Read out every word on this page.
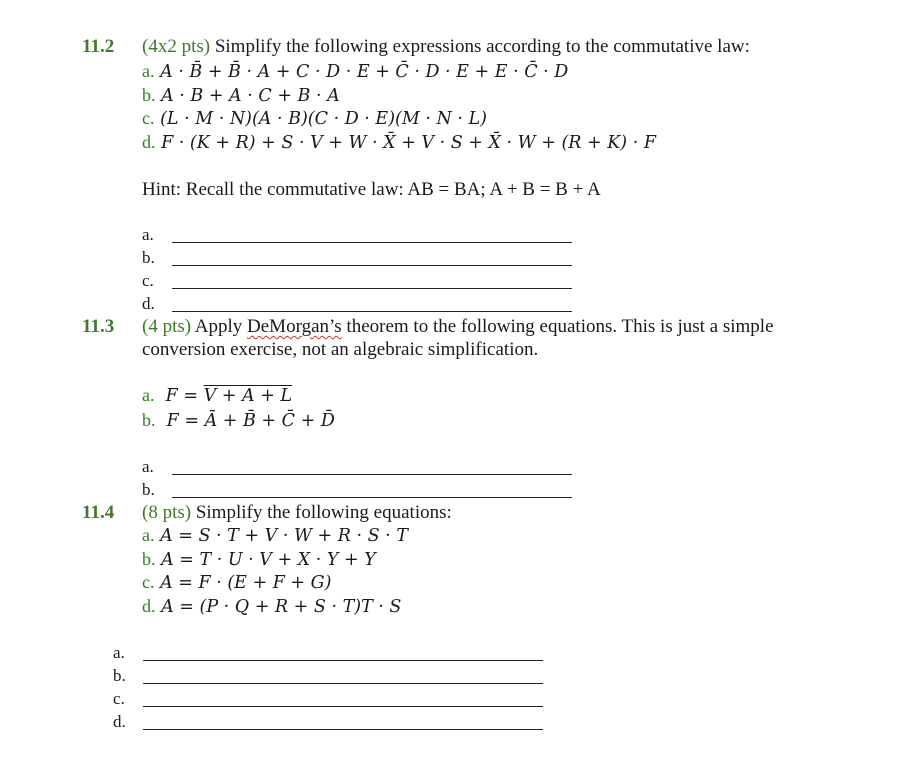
11.2 (4x2 pts) Simplify the following expressions according to the commutative law:
a. A · B̄ + B̄ · A + C · D · E + C̄ · D · E + E · C̄ · D
b. A · B + A · C + B · A
c. (L · M · N)(A · B)(C · D · E)(M · N · L)
d. F · (K + R) + S · V + W · X̄ + V · S + X̄ · W + (R + K) · F
Hint: Recall the commutative law: AB = BA; A + B = B + A
a.
b.
c.
d.
11.3 (4 pts) Apply DeMorgan’s theorem to the following equations. This is just a simple
conversion exercise, not an algebraic simplification.
a. F = V + A + L
b. F = Ā + B̄ + C̄ + D̄
a.
b.
11.4 (8 pts) Simplify the following equations:
a. A = S · T + V · W + R · S · T
b. A = T · U · V + X · Y + Y
c. A = F · (E + F + G)
d. A = (P · Q + R + S · T)T · S
a.
b.
c.
d.
